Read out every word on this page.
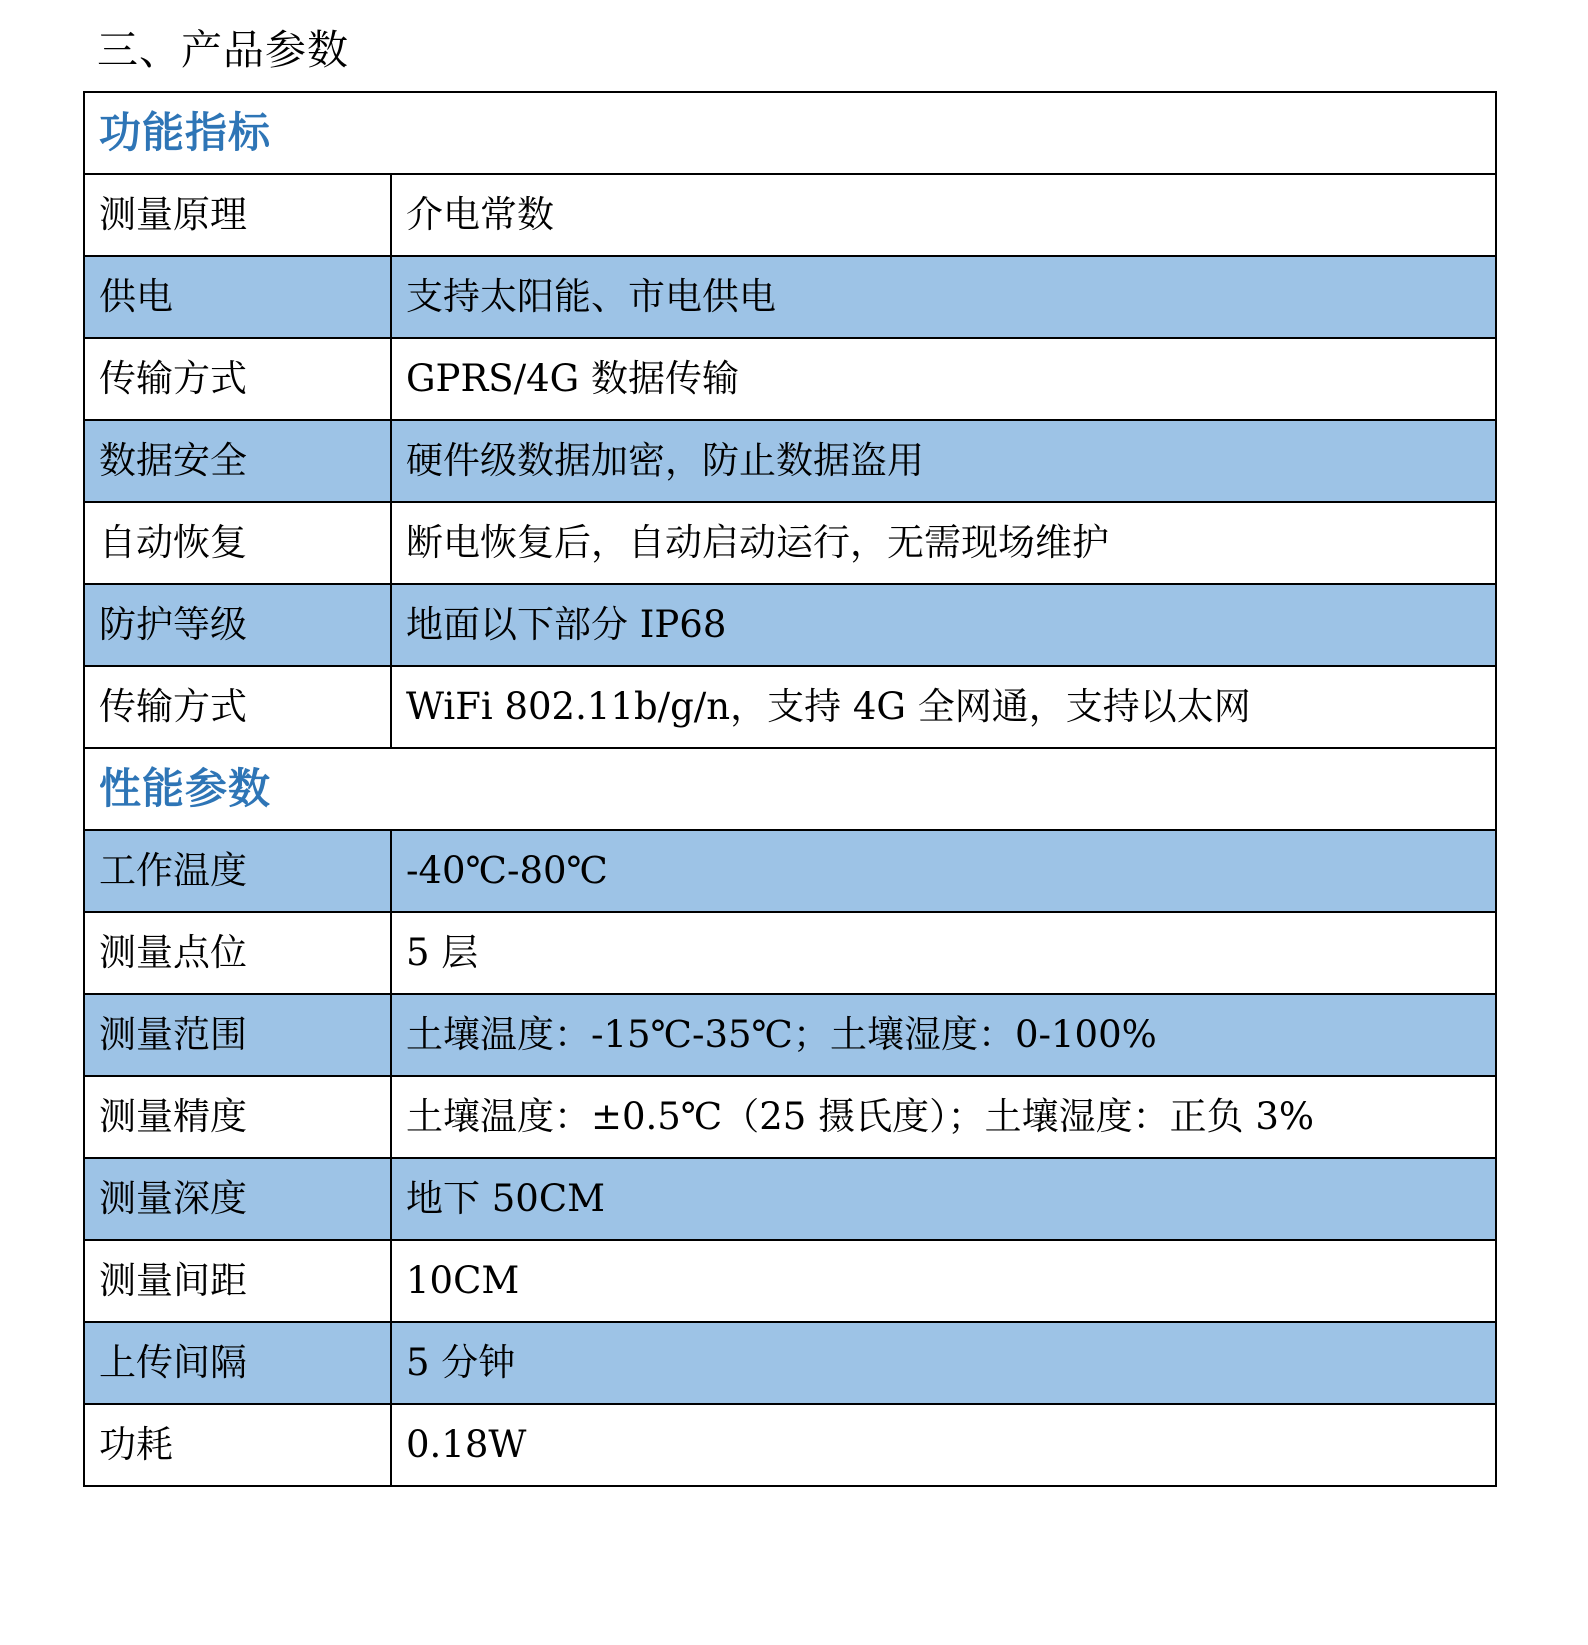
三、产品参数
功能指标	
测量原理	介电常数
供电	支持太阳能、市电供电
传输方式	GPRS/4G 数据传输
数据安全	硬件级数据加密，防止数据盗用
自动恢复	断电恢复后，自动启动运行，无需现场维护
防护等级	地面以下部分 IP68
传输方式	WiFi 802.11b/g/n，支持 4G 全网通，支持以太网
性能参数	
工作温度	-40℃-80℃
测量点位	5 层
测量范围	土壤温度：-15℃-35℃；土壤湿度：0-100%
测量精度	土壤温度：±0.5℃（25 摄氏度）；土壤湿度：正负 3%
测量深度	地下 50CM
测量间距	10CM
上传间隔	5 分钟
功耗	0.18W
